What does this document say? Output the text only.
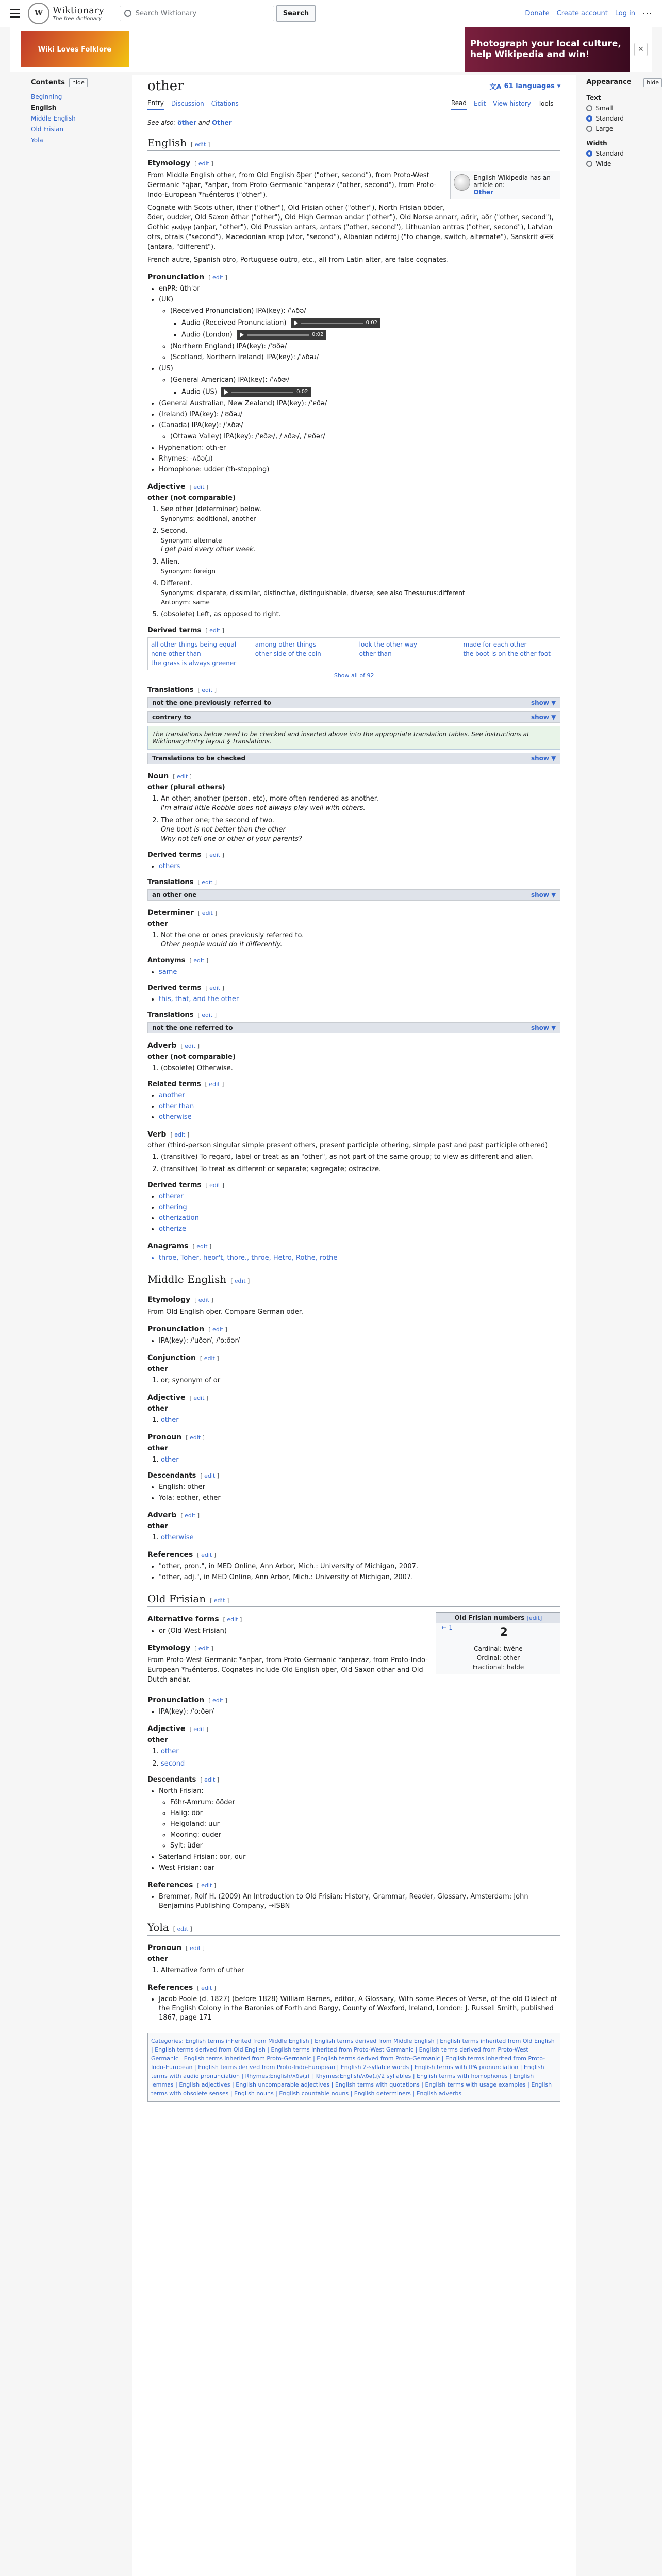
W	Wiktionary
The free dictionary
Search Wiktionary	Search	Donate Create account Log in ⋯
Wiki Loves Folklore
Photograph your local culture, help Wikipedia and win!	✕
Contents	hide
Beginning
English
Middle English
Old Frisian
Yola
other	文A 61 languages ▾
Entry Discussion Citations	Read Edit View history Tools
See also: öther and Other
English [ edit ]
Etymology [ edit ]
English Wikipedia has an article on:
Other

From Middle English other, from Old English ōþer ("other, second"), from Proto-West Germanic *ą̄þar, *anþar, from Proto-Germanic *anþeraz ("other, second"), from Proto-Indo-European *h₂énteros ("other").

Cognate with Scots uther, ither ("other"), Old Frisian other ("other"), North Frisian ööder, ōder, oudder, Old Saxon ōthar ("other"), Old High German andar ("other"), Old Norse annarr, aðrir, aðr ("other, second"), Gothic 𐌰𐌽𐌸𐌰𐍂 (anþar, "other"), Old Prussian antars, antars ("other, second"), Lithuanian antras ("other, second"), Latvian otrs, otrais ("second"), Macedonian втор (vtor, "second"), Albanian ndërroj ("to change, switch, alternate"), Sanskrit अन्तर (antara, "different").

French autre, Spanish otro, Portuguese outro, etc., all from Latin alter, are false cognates.

Pronunciation [ edit ]
• enPR: ŭth'ər
• (UK)
◦ (Received Pronunciation) IPA(key): /ˈʌðə/
▪ Audio (Received Pronunciation)	0:02
▪ Audio (London)	0:02
◦ (Northern England) IPA(key): /ˈʊðə/
◦ (Scotland, Northern Ireland) IPA(key): /ˈʌðəɹ/
• (US)
◦ (General American) IPA(key): /ˈʌðɚ/
▪ Audio (US)	0:02
• (General Australian, New Zealand) IPA(key): /ˈɐðə/
• (Ireland) IPA(key): /ˈʊðəɹ/
• (Canada) IPA(key): /ˈʌðɚ/
◦ (Ottawa Valley) IPA(key): /ˈɐðɚ/, /ˈʌðɚ/, /ˈɐðər/
• Hyphenation: oth‧er
• Rhymes: -ʌðə(ɹ)
• Homophone: udder (th-stopping)
Adjective [ edit ]
other (not comparable)
1. See other (determiner) below.
Synonyms: additional, another
2. Second.
Synonym: alternate
I get paid every other week.
3. Alien.
Synonym: foreign
4. Different.
Synonyms: disparate, dissimilar, distinctive, distinguishable, diverse; see also Thesaurus:different
Antonym: same
5. (obsolete) Left, as opposed to right.
Derived terms [ edit ]
all other things being equal	among other things	look the other way	made for each other
none other than	other side of the coin	other than	the boot is on the other foot
the grass is always greener
Show all of 92
Translations [ edit ]
not the one previously referred to	show ▼
contrary to	show ▼
The translations below need to be checked and inserted above into the appropriate translation tables. See instructions at Wiktionary:Entry layout § Translations.
Translations to be checked	show ▼
Noun [ edit ]
other (plural others)
1. An other; another (person, etc), more often rendered as another.
I'm afraid little Robbie does not always play well with others.
2. The other one; the second of two.
One bout is not better than the other
Why not tell one or other of your parents?
Derived terms [ edit ]
• others
Translations [ edit ]
an other one	show ▼
Determiner [ edit ]
other
1. Not the one or ones previously referred to.
Other people would do it differently.
Antonyms [ edit ]
• same
Derived terms [ edit ]
• this, that, and the other
Translations [ edit ]
not the one referred to	show ▼
Adverb [ edit ]
other (not comparable)
1. (obsolete) Otherwise.
Related terms [ edit ]
• another
• other than
• otherwise
Verb [ edit ]
other (third-person singular simple present others, present participle othering, simple past and past participle othered)
1. (transitive) To regard, label or treat as an "other", as not part of the same group; to view as different and alien.
2. (transitive) To treat as different or separate; segregate; ostracize.
Derived terms [ edit ]
• otherer
• othering
• otherization
• otherize
Anagrams [ edit ]
• throe, Toher, heor't, thore., throe, Hetro, Rothe, rothe
Middle English [ edit ]
Etymology [ edit ]

From Old English ōþer. Compare German oder.

Pronunciation [ edit ]
• IPA(key): /ˈuðər/, /ˈoːðər/
Conjunction [ edit ]
other
1. or; synonym of or
Adjective [ edit ]
other
1. other
Pronoun [ edit ]
other
1. other
Descendants [ edit ]
• English: other
• Yola: eother, ether
Adverb [ edit ]
other
1. otherwise
References [ edit ]
• "other, pron.", in MED Online, Ann Arbor, Mich.: University of Michigan, 2007.
• "other, adj.", in MED Online, Ann Arbor, Mich.: University of Michigan, 2007.
Old Frisian [ edit ]
Old Frisian numbers [edit]
← 1	2
Cardinal: twēne
Ordinal: other
Fractional: halde
Alternative forms [ edit ]
• ōr (Old West Frisian)
Etymology [ edit ]

From Proto-West Germanic *anþar, from Proto-Germanic *anþeraz, from Proto-Indo-European *h₂énteros. Cognates include Old English ōþer, Old Saxon ōthar and Old Dutch andar.

Pronunciation [ edit ]
• IPA(key): /ˈoːðər/
Adjective [ edit ]
other
1. other
2. second
Descendants [ edit ]
• North Frisian:
◦ Föhr-Amrum: ööder
◦ Halig: öör
◦ Helgoland: uur
◦ Mooring: ouder
◦ Sylt: üđer
• Saterland Frisian: oor, our
• West Frisian: oar
References [ edit ]
• Bremmer, Rolf H. (2009) An Introduction to Old Frisian: History, Grammar, Reader, Glossary, Amsterdam: John Benjamins Publishing Company, →ISBN
Yola [ edit ]
Pronoun [ edit ]
other
1. Alternative form of uther
References [ edit ]
• Jacob Poole (d. 1827) (before 1828) William Barnes, editor, A Glossary, With some Pieces of Verse, of the old Dialect of the English Colony in the Baronies of Forth and Bargy, County of Wexford, Ireland, London: J. Russell Smith, published 1867, page 171
Categories: English terms inherited from Middle English | English terms derived from Middle English | English terms inherited from Old English | English terms derived from Old English | English terms inherited from Proto-West Germanic | English terms derived from Proto-West Germanic | English terms inherited from Proto-Germanic | English terms derived from Proto-Germanic | English terms inherited from Proto-Indo-European | English terms derived from Proto-Indo-European | English 2-syllable words | English terms with IPA pronunciation | English terms with audio pronunciation | Rhymes:English/ʌðə(ɹ) | Rhymes:English/ʌðə(ɹ)/2 syllables | English terms with homophones | English lemmas | English adjectives | English uncomparable adjectives | English terms with quotations | English terms with usage examples | English terms with obsolete senses | English nouns | English countable nouns | English determiners | English adverbs
Appearance	hide
Text
Small
Standard
Large
Width
Standard
Wide
